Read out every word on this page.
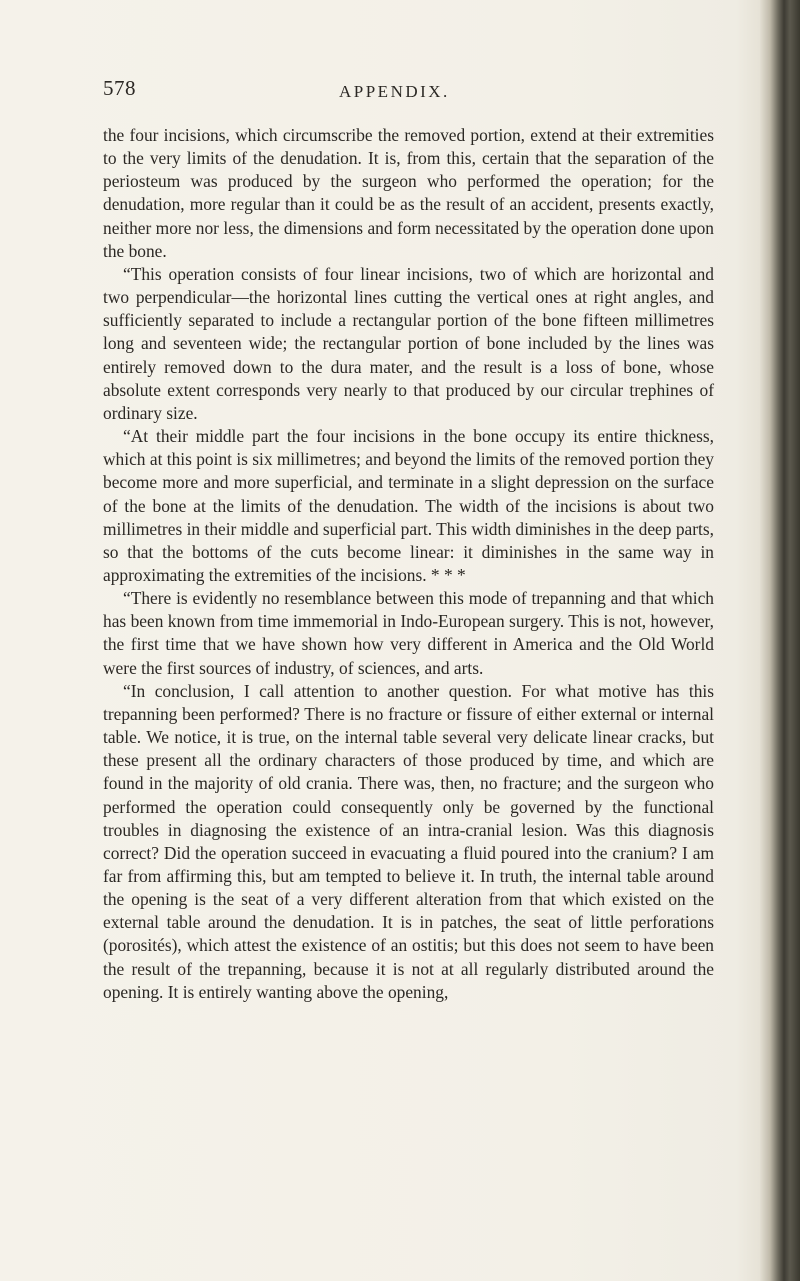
578	APPENDIX.

the four incisions, which circumscribe the removed portion, extend at their extremities to the very limits of the denudation. It is, from this, certain that the separation of the periosteum was produced by the surgeon who performed the operation; for the denudation, more regular than it could be as the result of an accident, presents exactly, neither more nor less, the dimensions and form necessitated by the operation done upon the bone.

“This operation consists of four linear incisions, two of which are horizontal and two perpendicular—the horizontal lines cutting the vertical ones at right angles, and sufficiently separated to include a rectangular portion of the bone fifteen millimetres long and seventeen wide; the rectangular portion of bone included by the lines was entirely removed down to the dura mater, and the result is a loss of bone, whose absolute extent corresponds very nearly to that produced by our circular trephines of ordinary size.

“At their middle part the four incisions in the bone occupy its entire thickness, which at this point is six millimetres; and beyond the limits of the removed portion they become more and more superficial, and terminate in a slight depression on the surface of the bone at the limits of the denudation. The width of the incisions is about two millimetres in their middle and superficial part. This width diminishes in the deep parts, so that the bottoms of the cuts become linear: it diminishes in the same way in approximating the extremities of the incisions. * * *

“There is evidently no resemblance between this mode of trepanning and that which has been known from time immemorial in Indo-European surgery. This is not, however, the first time that we have shown how very different in America and the Old World were the first sources of industry, of sciences, and arts.

“In conclusion, I call attention to another question. For what motive has this trepanning been performed? There is no fracture or fissure of either external or internal table. We notice, it is true, on the internal table several very delicate linear cracks, but these present all the ordinary characters of those produced by time, and which are found in the majority of old crania. There was, then, no fracture; and the surgeon who performed the operation could consequently only be governed by the functional troubles in diagnosing the existence of an intra-cranial lesion. Was this diagnosis correct? Did the operation succeed in evacuating a fluid poured into the cranium? I am far from affirming this, but am tempted to believe it. In truth, the internal table around the opening is the seat of a very different alteration from that which existed on the external table around the denudation. It is in patches, the seat of little perforations (porosités), which attest the existence of an ostitis; but this does not seem to have been the result of the trepanning, because it is not at all regularly distributed around the opening. It is entirely wanting above the opening,
